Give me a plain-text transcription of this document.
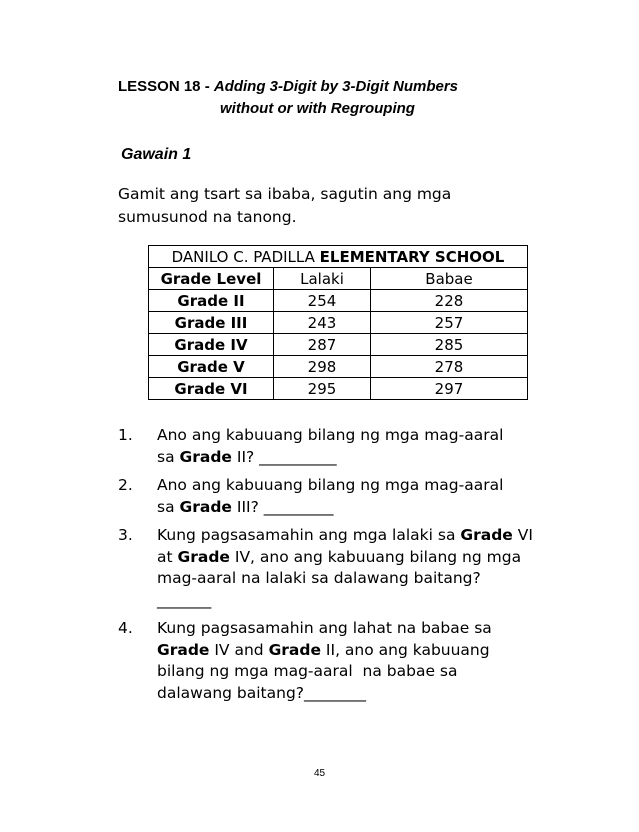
LESSON 18 - Adding 3-Digit by 3-Digit Numbers
without or with Regrouping
Gawain 1
Gamit ang tsart sa ibaba, sagutin ang mga
sumusunod na tanong.
DANILO C. PADILLA ELEMENTARY SCHOOL		
Grade Level	Lalaki	Babae
Grade II	254	228
Grade III	243	257
Grade IV	287	285
Grade V	298	278
Grade VI	295	297
1.	Ano ang kabuuang bilang ng mga mag-aaral
sa Grade II? __________
2.	Ano ang kabuuang bilang ng mga mag-aaral
sa Grade III? _________
3.	Kung pagsasamahin ang mga lalaki sa Grade VI
at Grade IV, ano ang kabuuang bilang ng mga
mag-aaral na lalaki sa dalawang baitang?
_______
4.	Kung pagsasamahin ang lahat na babae sa
Grade IV and Grade II, ano ang kabuuang
bilang ng mga mag-aaral  na babae sa
dalawang baitang?________
45
